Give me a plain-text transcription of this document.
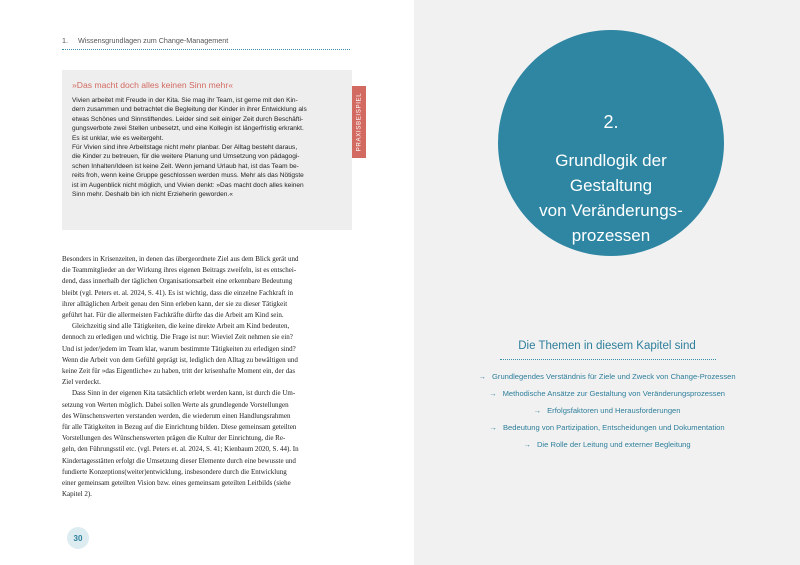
1. Wissensgrundlagen zum Change-Management
»Das macht doch alles keinen Sinn mehr«

Vivien arbeitet mit Freude in der Kita. Sie mag ihr Team, ist gerne mit den Kin-

dern zusammen und betrachtet die Begleitung der Kinder in ihrer Entwicklung als

etwas Schönes und Sinnstiftendes. Leider sind seit einiger Zeit durch Beschäfti-

gungsverbote zwei Stellen unbesetzt, und eine Kollegin ist längerfristig erkrankt.

Es ist unklar, wie es weitergeht.

Für Vivien sind ihre Arbeitstage nicht mehr planbar. Der Alltag besteht daraus,

die Kinder zu betreuen, für die weitere Planung und Umsetzung von pädagogi-

schen Inhalten/Ideen ist keine Zeit. Wenn jemand Urlaub hat, ist das Team be-

reits froh, wenn keine Gruppe geschlossen werden muss. Mehr als das Nötigste

ist im Augenblick nicht möglich, und Vivien denkt: »Das macht doch alles keinen

Sinn mehr. Deshalb bin ich nicht Erzieherin geworden.«

PRAXISBEISPIEL

Besonders in Krisenzeiten, in denen das übergeordnete Ziel aus dem Blick gerät und

die Teammitglieder an der Wirkung ihres eigenen Beitrags zweifeln, ist es entschei-

dend, dass innerhalb der täglichen Organisationsarbeit eine erkennbare Bedeutung

bleibt (vgl. Peters et. al. 2024, S. 41). Es ist wichtig, dass die einzelne Fachkraft in

ihrer alltäglichen Arbeit genau den Sinn erleben kann, der sie zu dieser Tätigkeit

geführt hat. Für die allermeisten Fachkräfte dürfte das die Arbeit am Kind sein.

Gleichzeitig sind alle Tätigkeiten, die keine direkte Arbeit am Kind bedeuten,

dennoch zu erledigen und wichtig. Die Frage ist nur: Wieviel Zeit nehmen sie ein?

Und ist jeder/jedem im Team klar, warum bestimmte Tätigkeiten zu erledigen sind?

Wenn die Arbeit von dem Gefühl geprägt ist, lediglich den Alltag zu bewältigen und

keine Zeit für »das Eigentliche« zu haben, tritt der krisenhafte Moment ein, der das

Ziel verdeckt.

Dass Sinn in der eigenen Kita tatsächlich erlebt werden kann, ist durch die Um-

setzung von Werten möglich. Dabei sollen Werte als grundlegende Vorstellungen

des Wünschenswerten verstanden werden, die wiederum einen Handlungsrahmen

für alle Tätigkeiten in Bezug auf die Einrichtung bilden. Diese gemeinsam geteilten

Vorstellungen des Wünschenswerten prägen die Kultur der Einrichtung, die Re-

geln, den Führungsstil etc. (vgl. Peters et. al. 2024, S. 41; Kienbaum 2020, S. 44). In

Kindertagesstätten erfolgt die Umsetzung dieser Elemente durch eine bewusste und

fundierte Konzeptions(weiter)entwicklung, insbesondere durch die Entwicklung

einer gemeinsam geteilten Vision bzw. eines gemeinsam geteilten Leitbilds (siehe

Kapitel 2).

30
2.
Grundlogik der
Gestaltung
von Veränderungs-
prozessen
Die Themen in diesem Kapitel sind
→ Grundlegendes Verständnis für Ziele und Zweck von Change-Prozessen
→ Methodische Ansätze zur Gestaltung von Veränderungsprozessen
→ Erfolgsfaktoren und Herausforderungen
→ Bedeutung von Partizipation, Entscheidungen und Dokumentation
→ Die Rolle der Leitung und externer Begleitung
